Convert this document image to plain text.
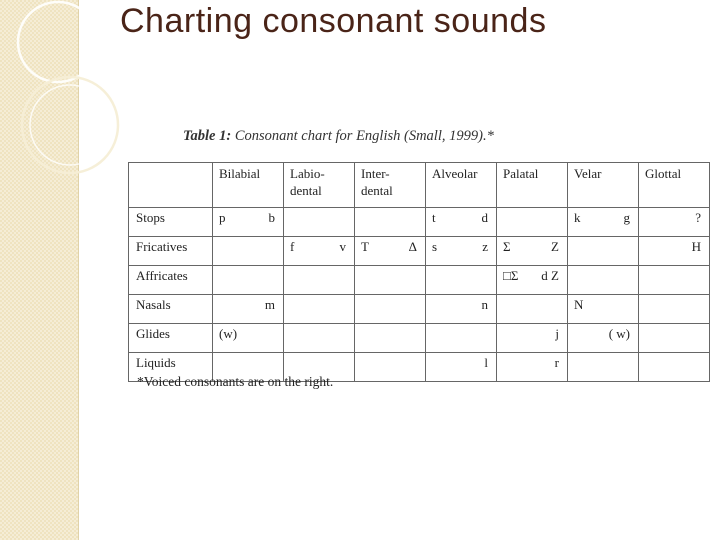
Charting consonant sounds
Table 1: Consonant chart for English (Small, 1999).*

	Bilabial	Labio-
dental	Inter-
dental	Alveolar	Palatal	Velar	Glottal

Stops	p b			t d		k g	?

Fricatives		f v	T Δ	s z	Σ Z		H

Affricates					□Σ d Z		

Nasals	m			n		N	

Glides	(w)				j	( w)	

Liquids				l	r		

*Voiced consonants are on the right.
